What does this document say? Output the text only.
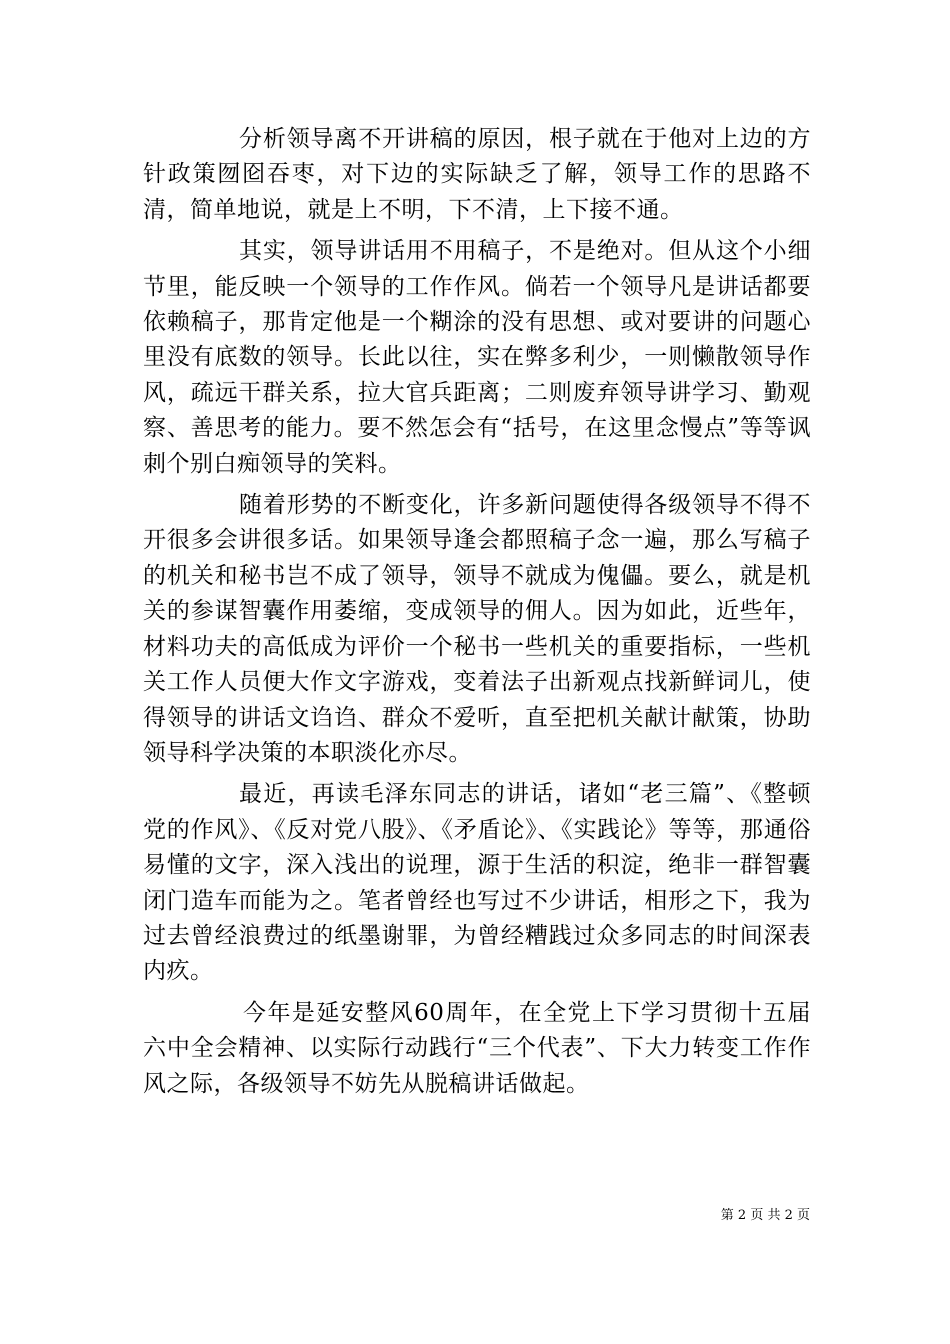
分析领导离不开讲稿的原因，根子就在于他对上边的方针政策囫囵吞枣，对下边的实际缺乏了解，领导工作的思路不清，简单地说，就是上不明，下不清，上下接不通。

其实，领导讲话用不用稿子，不是绝对。但从这个小细节里，能反映一个领导的工作作风。倘若一个领导凡是讲话都要依赖稿子，那肯定他是一个糊涂的没有思想、或对要讲的问题心里没有底数的领导。长此以往，实在弊多利少，一则懒散领导作风，疏远干群关系，拉大官兵距离；二则废弃领导讲学习、勤观察、善思考的能力。要不然怎会有“括号，在这里念慢点”等等讽刺个别白痴领导的笑料。

随着形势的不断变化，许多新问题使得各级领导不得不开很多会讲很多话。如果领导逢会都照稿子念一遍，那么写稿子的机关和秘书岂不成了领导，领导不就成为傀儡。要么，就是机关的参谋智囊作用萎缩，变成领导的佣人。因为如此，近些年，材料功夫的高低成为评价一个秘书一些机关的重要指标，一些机关工作人员便大作文字游戏，变着法子出新观点找新鲜词儿，使得领导的讲话文诌诌、群众不爱听，直至把机关献计献策，协助领导科学决策的本职淡化亦尽。

最近，再读毛泽东同志的讲话，诸如“老三篇”、《整顿党的作风》、《反对党八股》、《矛盾论》、《实践论》等等，那通俗易懂的文字，深入浅出的说理，源于生活的积淀，绝非一群智囊闭门造车而能为之。笔者曾经也写过不少讲话，相形之下，我为过去曾经浪费过的纸墨谢罪，为曾经糟践过众多同志的时间深表内疚。

今年是延安整风60周年，在全党上下学习贯彻十五届六中全会精神、以实际行动践行“三个代表”、下大力转变工作作风之际，各级领导不妨先从脱稿讲话做起。

第 2 页 共 2 页
